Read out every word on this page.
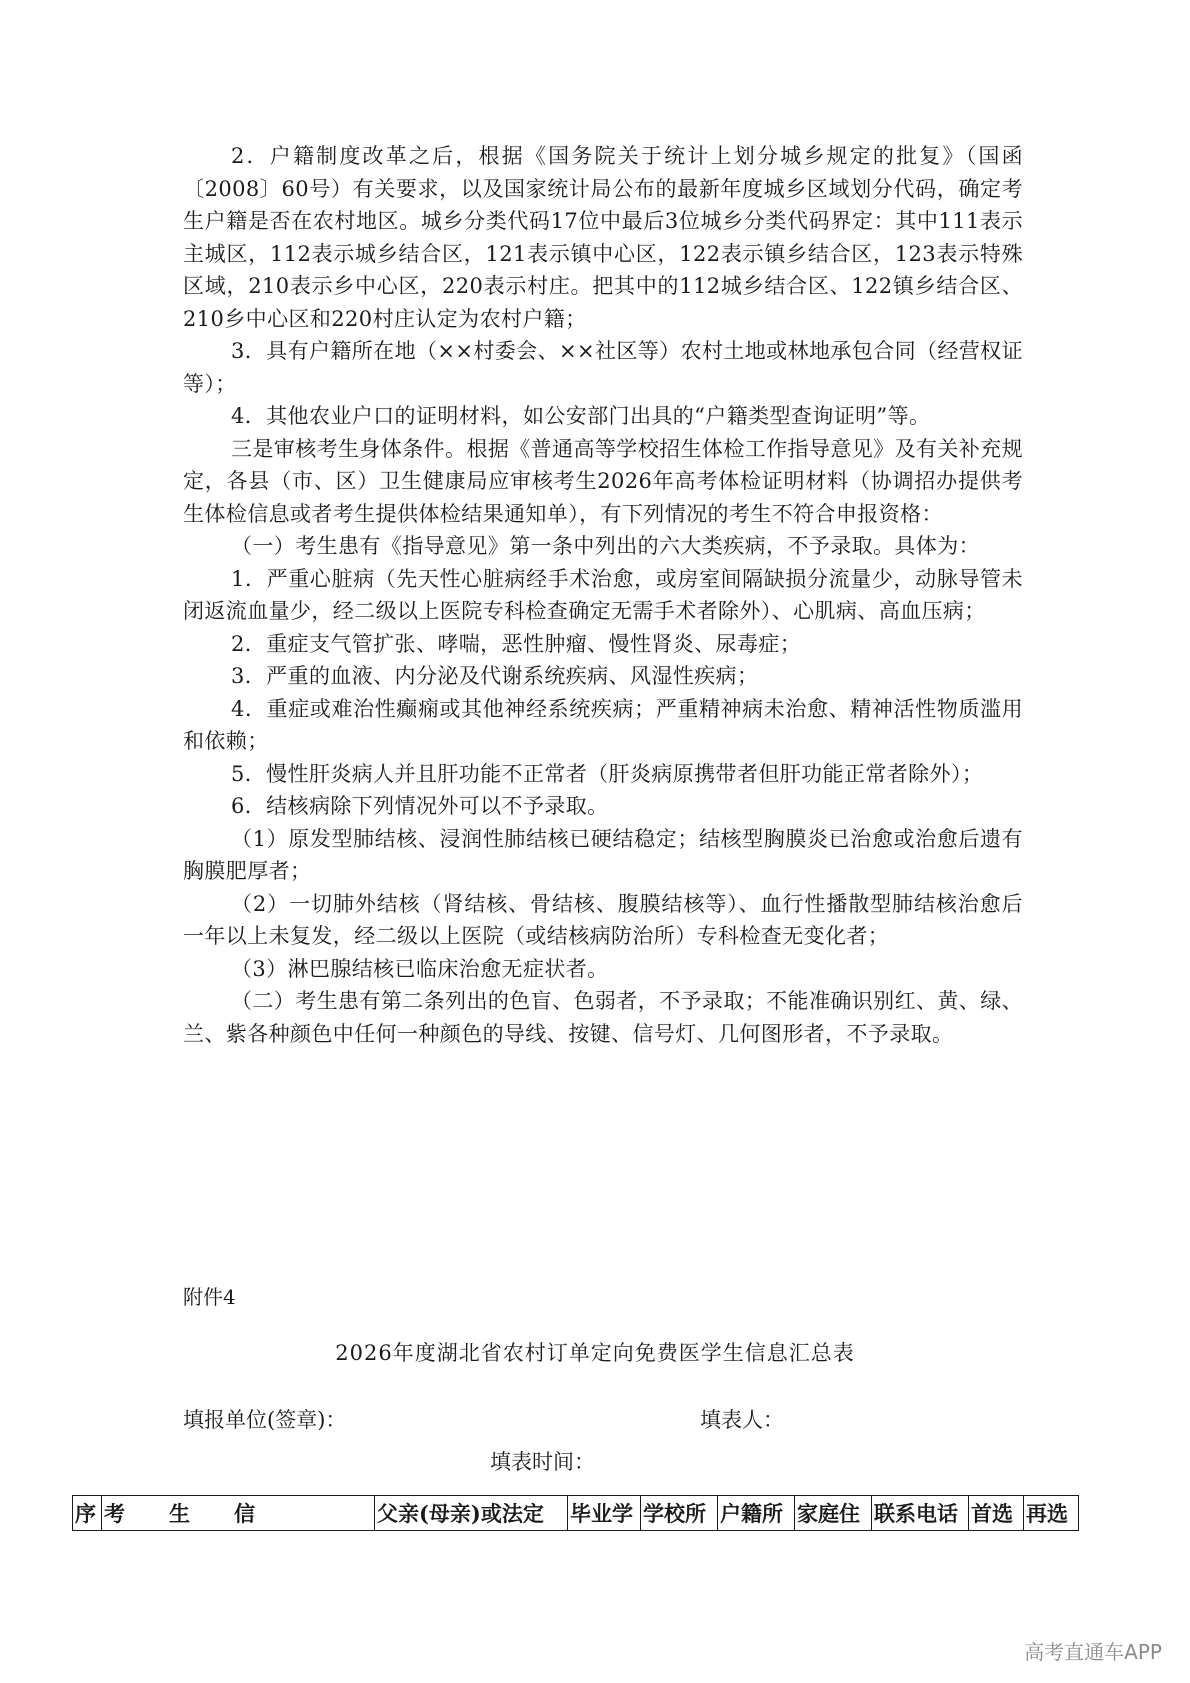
2．户籍制度改革之后，根据《国务院关于统计上划分城乡规定的批复》（国函〔2008〕60号）有关要求，以及国家统计局公布的最新年度城乡区域划分代码，确定考生户籍是否在农村地区。城乡分类代码17位中最后3位城乡分类代码界定：其中111表示主城区，112表示城乡结合区，121表示镇中心区，122表示镇乡结合区，123表示特殊区域，210表示乡中心区，220表示村庄。把其中的112城乡结合区、122镇乡结合区、210乡中心区和220村庄认定为农村户籍；

3．具有户籍所在地（××村委会、××社区等）农村土地或林地承包合同（经营权证等）；

4．其他农业户口的证明材料，如公安部门出具的“户籍类型查询证明”等。

三是审核考生身体条件。根据《普通高等学校招生体检工作指导意见》及有关补充规定，各县（市、区）卫生健康局应审核考生2026年高考体检证明材料（协调招办提供考生体检信息或者考生提供体检结果通知单），有下列情况的考生不符合申报资格：

（一）考生患有《指导意见》第一条中列出的六大类疾病，不予录取。具体为：

1．严重心脏病（先天性心脏病经手术治愈，或房室间隔缺损分流量少，动脉导管未闭返流血量少，经二级以上医院专科检查确定无需手术者除外）、心肌病、高血压病；

2．重症支气管扩张、哮喘，恶性肿瘤、慢性肾炎、尿毒症；

3．严重的血液、内分泌及代谢系统疾病、风湿性疾病；

4．重症或难治性癫痫或其他神经系统疾病；严重精神病未治愈、精神活性物质滥用和依赖；

5．慢性肝炎病人并且肝功能不正常者（肝炎病原携带者但肝功能正常者除外）；

6．结核病除下列情况外可以不予录取。

（1）原发型肺结核、浸润性肺结核已硬结稳定；结核型胸膜炎已治愈或治愈后遗有胸膜肥厚者；

（2）一切肺外结核（肾结核、骨结核、腹膜结核等）、血行性播散型肺结核治愈后一年以上未复发，经二级以上医院（或结核病防治所）专科检查无变化者；

（3）淋巴腺结核已临床治愈无症状者。

（二）考生患有第二条列出的色盲、色弱者，不予录取；不能准确识别红、黄、绿、兰、紫各种颜色中任何一种颜色的导线、按键、信号灯、几何图形者，不予录取。

附件4
2026年度湖北省农村订单定向免费医学生信息汇总表
填报单位(签章)：	填表人：
填表时间：
序	考生信	父亲(母亲)或法定	毕业学	学校所	户籍所	家庭住	联系电话	首选	再选
高考直通车APP
